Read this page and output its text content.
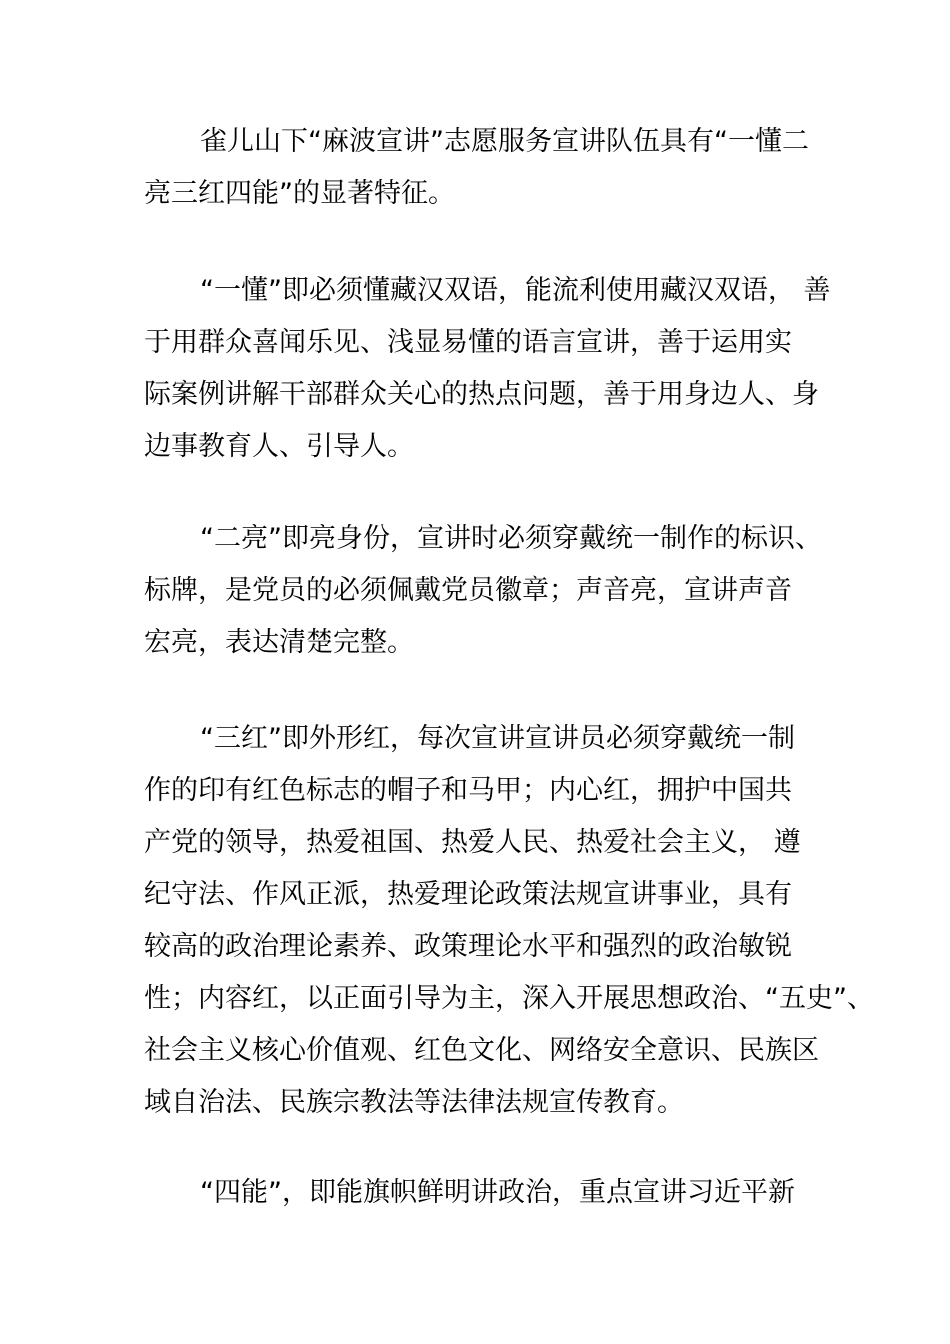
雀儿山下“麻波宣讲”志愿服务宣讲队伍具有“一懂二
亮三红四能”的显著特征。
“一懂”即必须懂藏汉双语，能流利使用藏汉双语， 善
于用群众喜闻乐见、浅显易懂的语言宣讲，善于运用实
际案例讲解干部群众关心的热点问题，善于用身边人、身
边事教育人、引导人。
“二亮”即亮身份，宣讲时必须穿戴统一制作的标识、
标牌，是党员的必须佩戴党员徽章；声音亮，宣讲声音
宏亮，表达清楚完整。
“三红”即外形红，每次宣讲宣讲员必须穿戴统一制
作的印有红色标志的帽子和马甲；内心红，拥护中国共
产党的领导，热爱祖国、热爱人民、热爱社会主义， 遵
纪守法、作风正派，热爱理论政策法规宣讲事业，具有
较高的政治理论素养、政策理论水平和强烈的政治敏锐
性；内容红，以正面引导为主，深入开展思想政治、“五史”、
社会主义核心价值观、红色文化、网络安全意识、民族区
域自治法、民族宗教法等法律法规宣传教育。
“四能”，即能旗帜鲜明讲政治，重点宣讲习近平新
